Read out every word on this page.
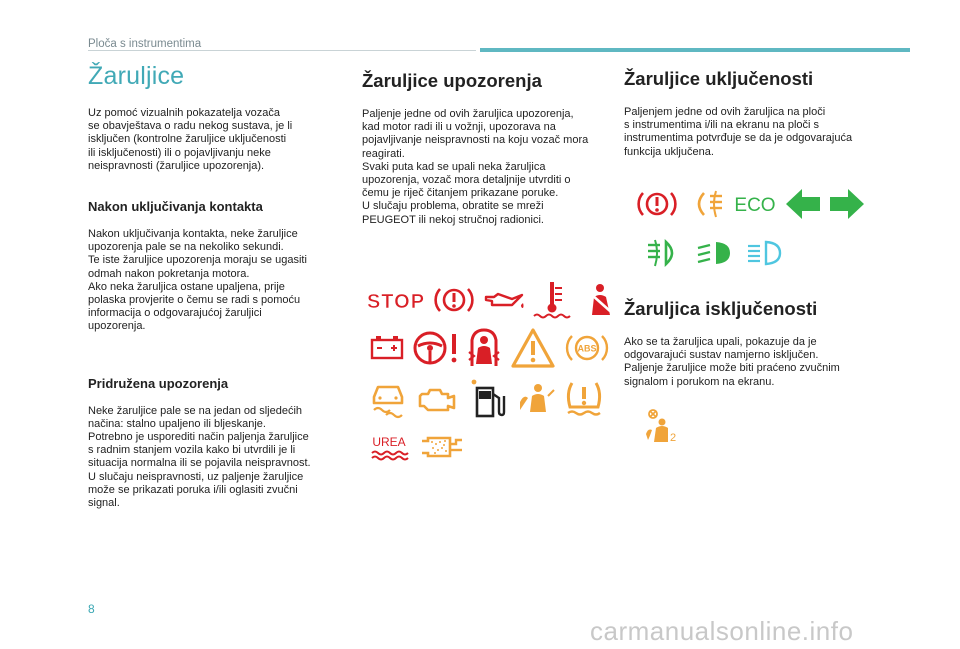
Ploča s instrumentima
Žaruljice

Uz pomoć vizualnih pokazatelja vozača
se obavještava o radu nekog sustava, je li
isključen (kontrolne žaruljice uključenosti
ili isključenosti) ili o pojavljivanju neke
neispravnosti (žaruljice upozorenja).

Nakon uključivanja kontakta

Nakon uključivanja kontakta, neke žaruljice
upozorenja pale se na nekoliko sekundi.
Te iste žaruljice upozorenja moraju se ugasiti
odmah nakon pokretanja motora.
Ako neka žaruljica ostane upaljena, prije
polaska provjerite o čemu se radi s pomoću
informacija o odgovarajućoj žaruljici
upozorenja.

Pridružena upozorenja

Neke žaruljice pale se na jedan od sljedećih
načina: stalno upaljeno ili bljeskanje.
Potrebno je usporediti način paljenja žaruljice
s radnim stanjem vozila kako bi utvrdili je li
situacija normalna ili se pojavila neispravnost.
U slučaju neispravnosti, uz paljenje žaruljice
može se prikazati poruka i/ili oglasiti zvučni
signal.

Žaruljice upozorenja

Paljenje jedne od ovih žaruljica upozorenja,
kad motor radi ili u vožnji, upozorava na
pojavljivanje neispravnosti na koju vozač mora
reagirati.
Svaki puta kad se upali neka žaruljica
upozorenja, vozač mora detaljnije utvrditi o
čemu je riječ čitanjem prikazane poruke.
U slučaju problema, obratite se mreži
PEUGEOT ili nekoj stručnoj radionici.

STOP
ABS
UREA
Žaruljice uključenosti

Paljenjem jedne od ovih žaruljica na ploči
s instrumentima i/ili na ekranu na ploči s
instrumentima potvrđuje se da je odgovarajuća
funkcija uključena.

ECO
Žaruljica isključenosti

Ako se ta žaruljica upali, pokazuje da je
odgovarajući sustav namjerno isključen.
Paljenje žaruljice može biti praćeno zvučnim
signalom i porukom na ekranu.

2
8
carmanualsonline.info
